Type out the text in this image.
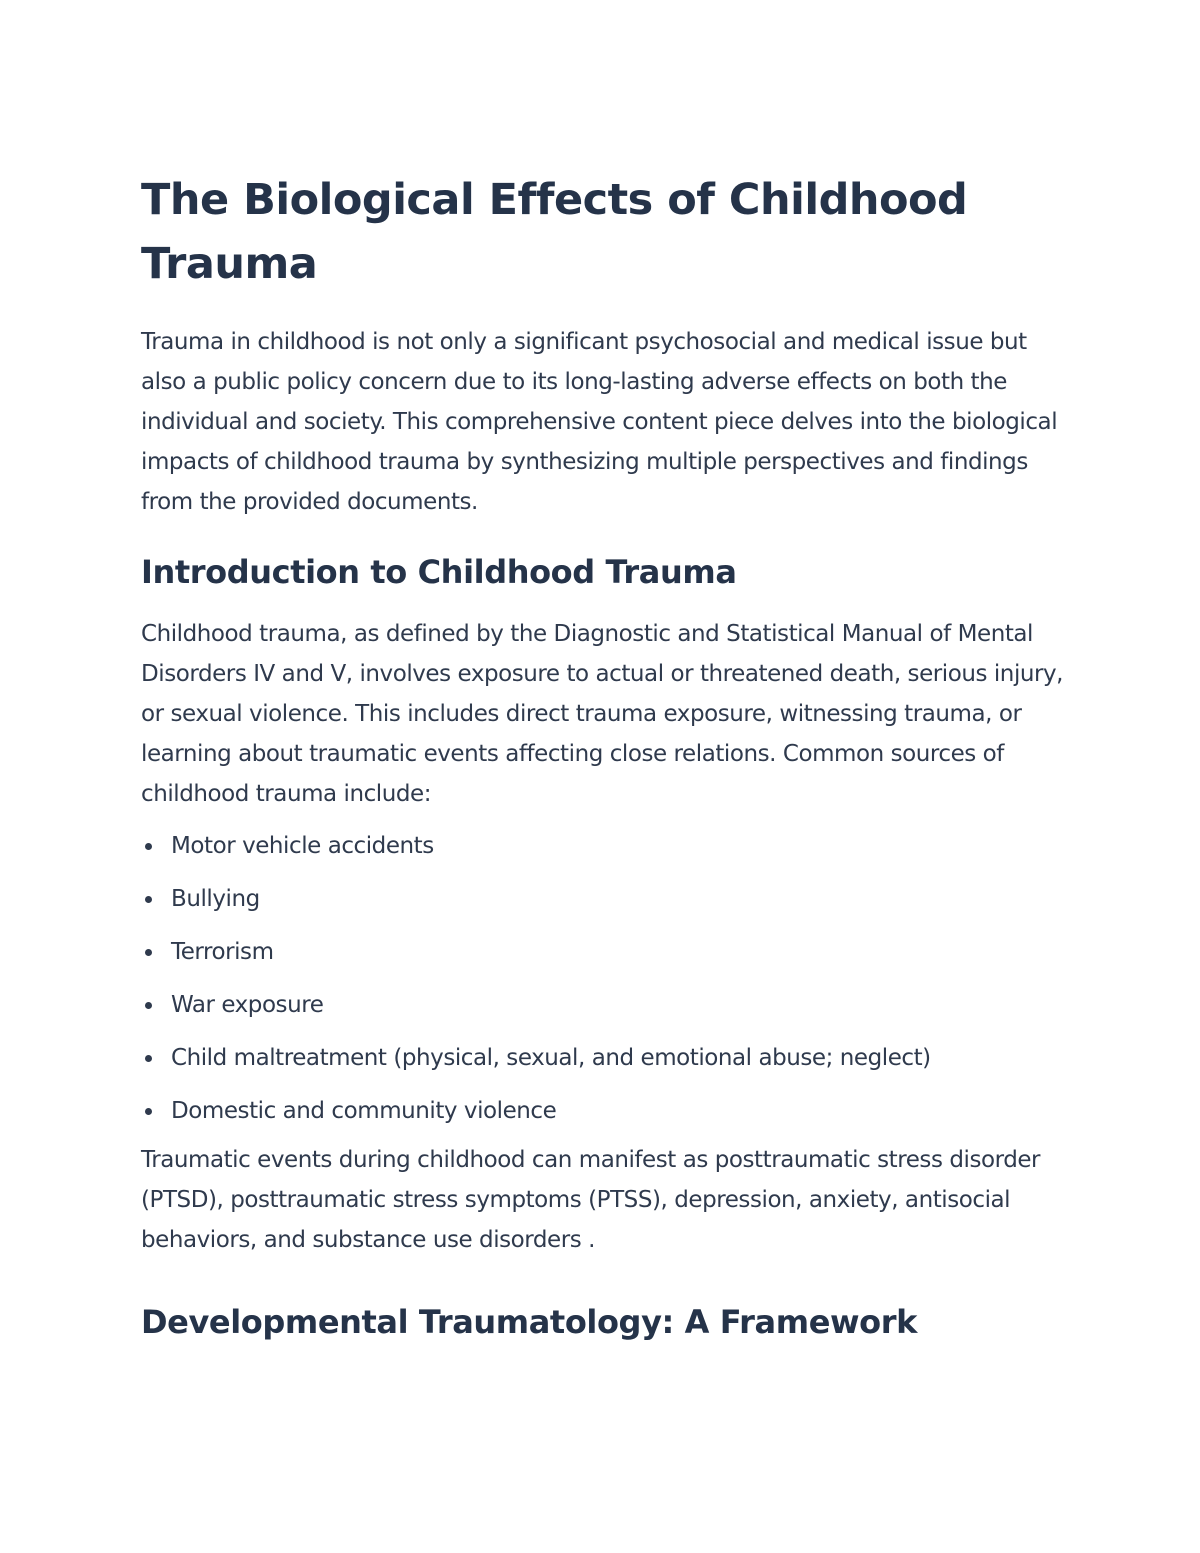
The Biological Effects of Childhood Trauma

Trauma in childhood is not only a significant psychosocial and medical issue but also a public policy concern due to its long-lasting adverse effects on both the individual and society. This comprehensive content piece delves into the biological impacts of childhood trauma by synthesizing multiple perspectives and findings from the provided documents.

Introduction to Childhood Trauma

Childhood trauma, as defined by the Diagnostic and Statistical Manual of Mental Disorders IV and V, involves exposure to actual or threatened death, serious injury, or sexual violence. This includes direct trauma exposure, witnessing trauma, or learning about traumatic events affecting close relations. Common sources of childhood trauma include:

Motor vehicle accidents
Bullying
Terrorism
War exposure
Child maltreatment (physical, sexual, and emotional abuse; neglect)
Domestic and community violence

Traumatic events during childhood can manifest as posttraumatic stress disorder (PTSD), posttraumatic stress symptoms (PTSS), depression, anxiety, antisocial behaviors, and substance use disorders .

Developmental Traumatology: A Framework
